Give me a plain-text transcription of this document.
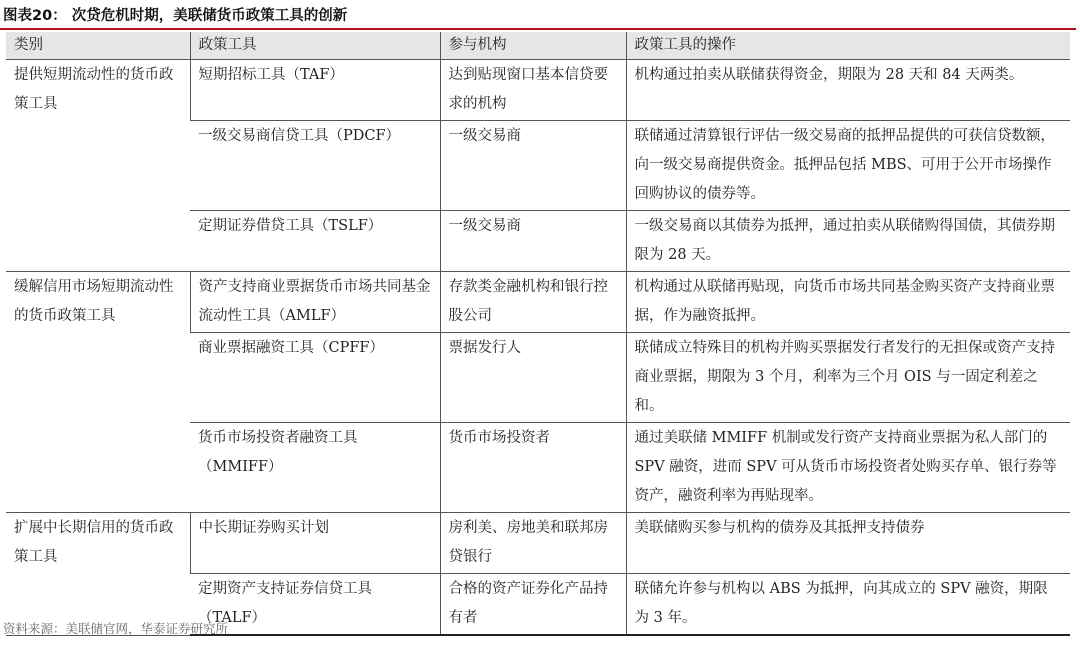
图表20： 次贷危机时期，美联储货币政策工具的创新
类别	政策工具	参与机构	政策工具的操作
提供短期流动性的货币政策工具	短期招标工具（TAF）	达到贴现窗口基本信贷要求的机构	机构通过拍卖从联储获得资金，期限为 28 天和 84 天两类。
	一级交易商信贷工具（PDCF）	一级交易商	联储通过清算银行评估一级交易商的抵押品提供的可获信贷数额，向一级交易商提供资金。抵押品包括 MBS、可用于公开市场操作回购协议的债券等。
	定期证券借贷工具（TSLF）	一级交易商	一级交易商以其债券为抵押，通过拍卖从联储购得国债，其债券期限为 28 天。
缓解信用市场短期流动性的货币政策工具	资产支持商业票据货币市场共同基金流动性工具（AMLF）	存款类金融机构和银行控股公司	机构通过从联储再贴现，向货币市场共同基金购买资产支持商业票据，作为融资抵押。
	商业票据融资工具（CPFF）	票据发行人	联储成立特殊目的机构并购买票据发行者发行的无担保或资产支持商业票据，期限为 3 个月，利率为三个月 OIS 与一固定利差之和。
	货币市场投资者融资工具（MMIFF）	货币市场投资者	通过美联储 MMIFF 机制或发行资产支持商业票据为私人部门的 SPV 融资，进而 SPV 可从货币市场投资者处购买存单、银行券等资产，融资利率为再贴现率。
扩展中长期信用的货币政策工具	中长期证券购买计划	房利美、房地美和联邦房贷银行	美联储购买参与机构的债券及其抵押支持债券
	定期资产支持证券信贷工具（TALF）	合格的资产证券化产品持有者	联储允许参与机构以 ABS 为抵押，向其成立的 SPV 融资，期限为 3 年。
资料来源：美联储官网，华泰证券研究所
